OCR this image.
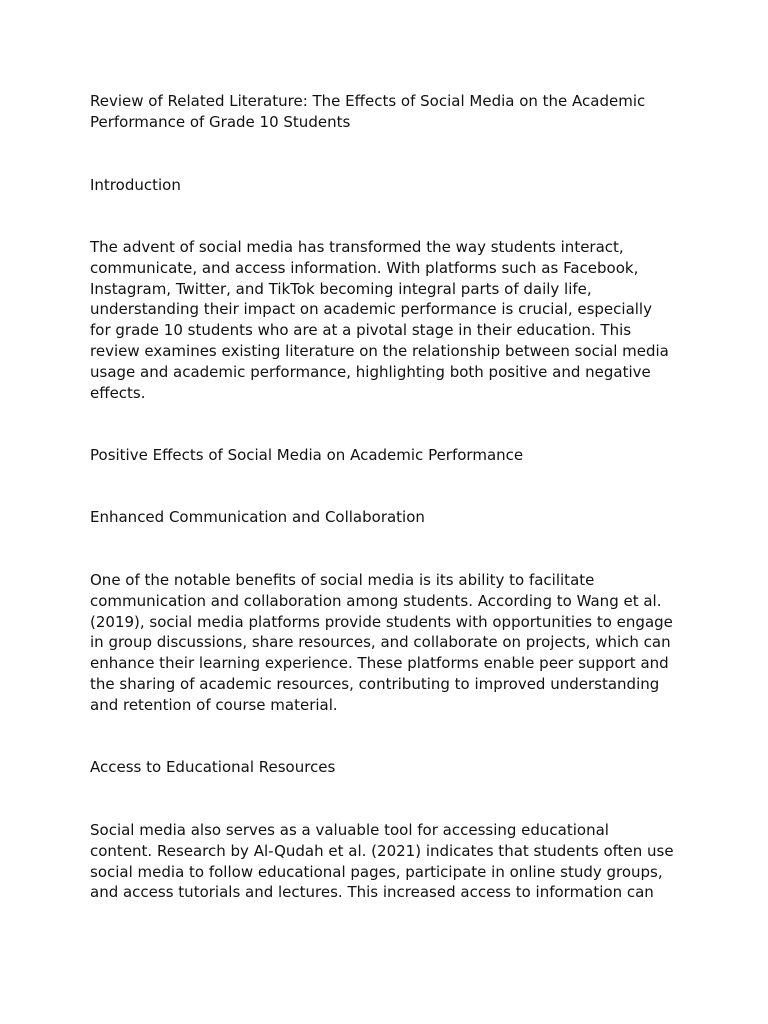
Review of Related Literature: The Effects of Social Media on the Academic
Performance of Grade 10 Students
Introduction
The advent of social media has transformed the way students interact,
communicate, and access information. With platforms such as Facebook,
Instagram, Twitter, and TikTok becoming integral parts of daily life,
understanding their impact on academic performance is crucial, especially
for grade 10 students who are at a pivotal stage in their education. This
review examines existing literature on the relationship between social media
usage and academic performance, highlighting both positive and negative
effects.
Positive Effects of Social Media on Academic Performance
Enhanced Communication and Collaboration
One of the notable benefits of social media is its ability to facilitate
communication and collaboration among students. According to Wang et al.
(2019), social media platforms provide students with opportunities to engage
in group discussions, share resources, and collaborate on projects, which can
enhance their learning experience. These platforms enable peer support and
the sharing of academic resources, contributing to improved understanding
and retention of course material.
Access to Educational Resources
Social media also serves as a valuable tool for accessing educational
content. Research by Al-Qudah et al. (2021) indicates that students often use
social media to follow educational pages, participate in online study groups,
and access tutorials and lectures. This increased access to information can
